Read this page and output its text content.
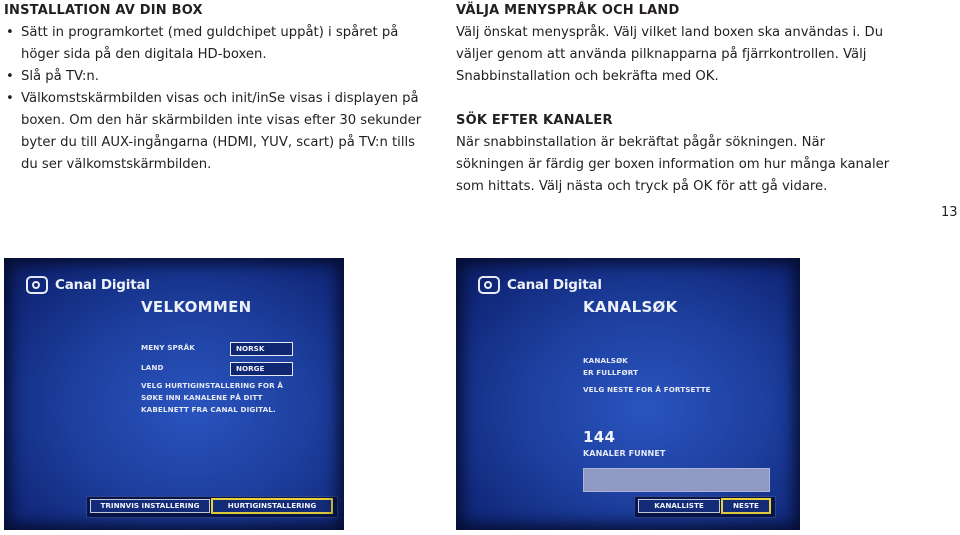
INSTALLATION AV DIN BOX
• Sätt in programkortet (med guldchipet uppåt) i spåret på höger sida på den digitala HD-boxen.
• Slå på TV:n.
• Välkomstskärmbilden visas och init/inSe visas i displayen på boxen. Om den här skärmbilden inte visas efter 30 sekunder byter du till AUX-ingångarna (HDMI, YUV, scart) på TV:n tills du ser välkomstskärmbilden.
VÄLJA MENYSPRÅK OCH LAND

Välj önskat menyspråk. Välj vilket land boxen ska användas i. Du väljer genom att använda pilknapparna på fjärrkontrollen. Välj Snabbinstallation och bekräfta med OK.

SÖK EFTER KANALER

När snabbinstallation är bekräftat pågår sökningen. När sökningen är färdig ger boxen information om hur många kanaler som hittats. Välj nästa och tryck på OK för att gå vidare.

13
Canal Digital
VELKOMMEN
MENY SPRÅK	NORSK
LAND	NORGE
VELG HURTIGINSTALLERING FOR Å
SØKE INN KANALENE PÅ DITT
KABELNETT FRA CANAL DIGITAL.
TRINNVIS INSTALLERING	HURTIGINSTALLERING
Canal Digital
KANALSØK
KANALSØK
ER FULLFØRT
VELG NESTE FOR Å FORTSETTE
144
KANALER FUNNET
KANALLISTE	NESTE
